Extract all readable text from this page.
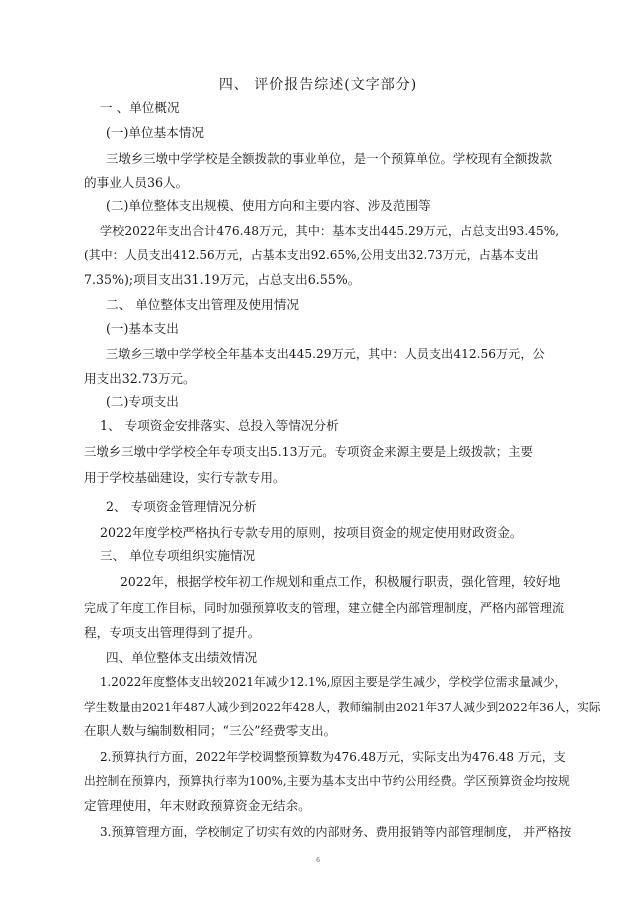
四、 评价报告综述(文字部分)
一 、单位概况
(一)单位基本情况
三墩乡三墩中学学校是全额拨款的事业单位，是一个预算单位。学校现有全额拨款
的事业人员36人。
(二)单位整体支出规模、使用方向和主要内容、涉及范围等
学校2022年支出合计476.48万元，其中：基本支出445.29万元，占总支出93.45%,
(其中：人员支出412.56万元，占基本支出92.65%,公用支出32.73万元，占基本支出
7.35%);项目支出31.19万元，占总支出6.55%。
二、 单位整体支出管理及使用情况
(一)基本支出
三墩乡三墩中学学校全年基本支出445.29万元，其中：人员支出412.56万元，公
用支出32.73万元。
(二)专项支出
1、 专项资金安排落实、总投入等情况分析
三墩乡三墩中学学校全年专项支出5.13万元。专项资金来源主要是上级拨款；主要
用于学校基础建设，实行专款专用。
2、 专项资金管理情况分析
2022年度学校严格执行专款专用的原则，按项目资金的规定使用财政资金。
三、 单位专项组织实施情况
2022年，根据学校年初工作规划和重点工作，积极履行职责，强化管理，较好地
完成了年度工作目标，同时加强预算收支的管理，建立健全内部管理制度，严格内部管理流
程，专项支出管理得到了提升。
四、单位整体支出绩效情况
1.2022年度整体支出较2021年减少12.1%,原因主要是学生减少，学校学位需求量减少，
学生数量由2021年487人减少到2022年428人，教师编制由2021年37人减少到2022年36人，实际
在职人数与编制数相同；“三公”经费零支出。
2.预算执行方面，2022年学校调整预算数为476.48万元，实际支出为476.48 万元，支
出控制在预算内，预算执行率为100%,主要为基本支出中节约公用经费。学区预算资金均按规
定管理使用，年末财政预算资金无结余。
3.预算管理方面，学校制定了切实有效的内部财务、费用报销等内部管理制度， 并严格按
6
